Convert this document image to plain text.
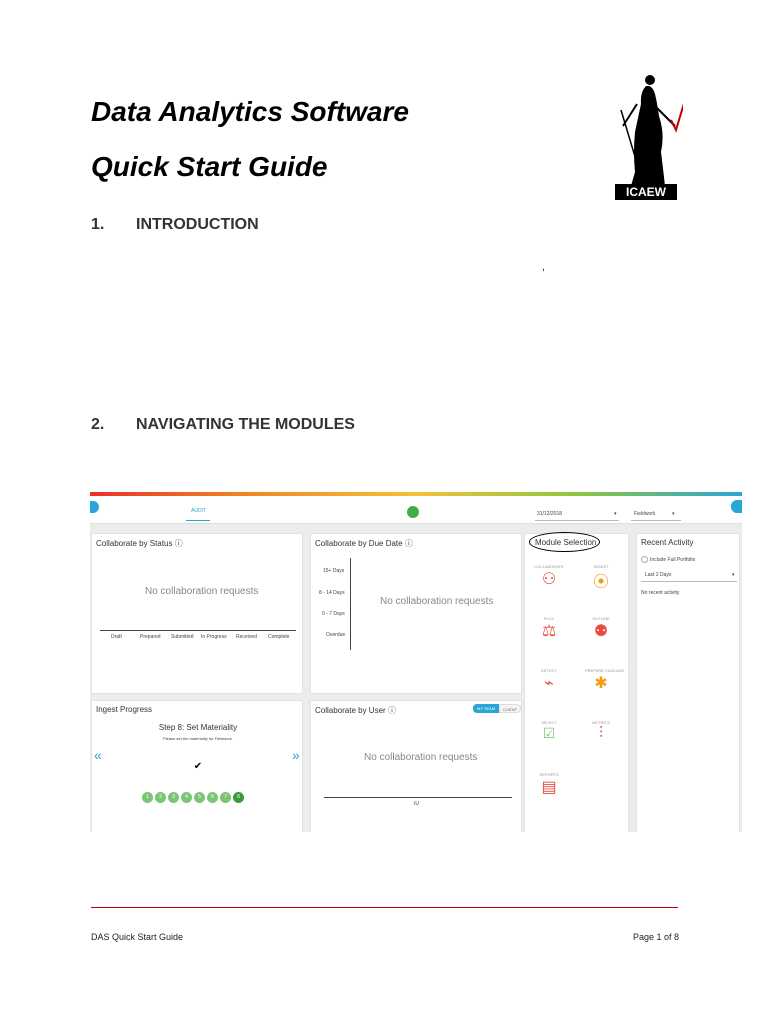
Data Analytics Software
Quick Start Guide
ICAEW
1. INTRODUCTION
,
2. NAVIGATING THE MODULES
AUDIT	31/12/2018	▾	Fieldwork	▾
Collaborate by Status ⓘ
No collaboration requests
Draft	Prepared Submitted In Progress Received Complete
Collaborate by Due Date ⓘ
15+ Days
8 - 14 Days
0 - 7 Days
Overdue
No collaboration requests
Module Selection
COLLABORATE
⚇
INGEST
⦿
FLUX
⚖
OUTLINE
⚉
DETECT
⌁
PREPARE CASCADE
✱
SELECT
☑
METRICS
⫶
REPORTS
▤
Recent Activity
Include Full Portfolio
Last 2 Days	▾
No recent activity
Ingest Progress
Step 8: Set Materiality
Please set the materiality for Fieldwork.
«	»
✔
1 2 3 4 5 6 7 8
Collaborate by User ⓘ	MY TEAM	CLIENT
No collaboration requests
IU
DAS Quick Start Guide	Page 1 of 8
